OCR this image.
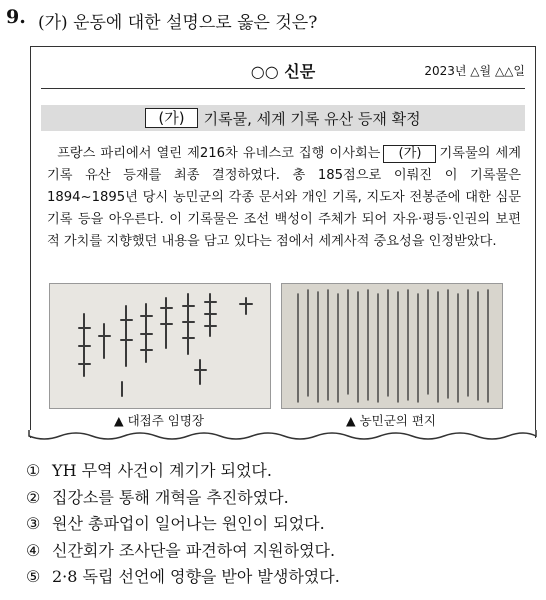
9. (가) 운동에 대한 설명으로 옳은 것은?
○○ 신문	2023년 △월 △△일
(가)	기록물, 세계 기록 유산 등재 확정
프랑스 파리에서 열린 제216차 유네스코 집행 이사회는 (가) 기록물의 세계 기록 유산 등재를 최종 결정하였다. 총 185점으로 이뤄진 이 기록물은 1894~1895년 당시 농민군의 각종 문서와 개인 기록, 지도자 전봉준에 대한 심문 기록 등을 아우른다. 이 기록물은 조선 백성이 주체가 되어 자유·평등·인권의 보편적 가치를 지향했던 내용을 담고 있다는 점에서 세계사적 중요성을 인정받았다.
▲ 대접주 임명장	▲ 농민군의 편지
① YH 무역 사건이 계기가 되었다.
② 집강소를 통해 개혁을 추진하였다.
③ 원산 총파업이 일어나는 원인이 되었다.
④ 신간회가 조사단을 파견하여 지원하였다.
⑤ 2·8 독립 선언에 영향을 받아 발생하였다.
